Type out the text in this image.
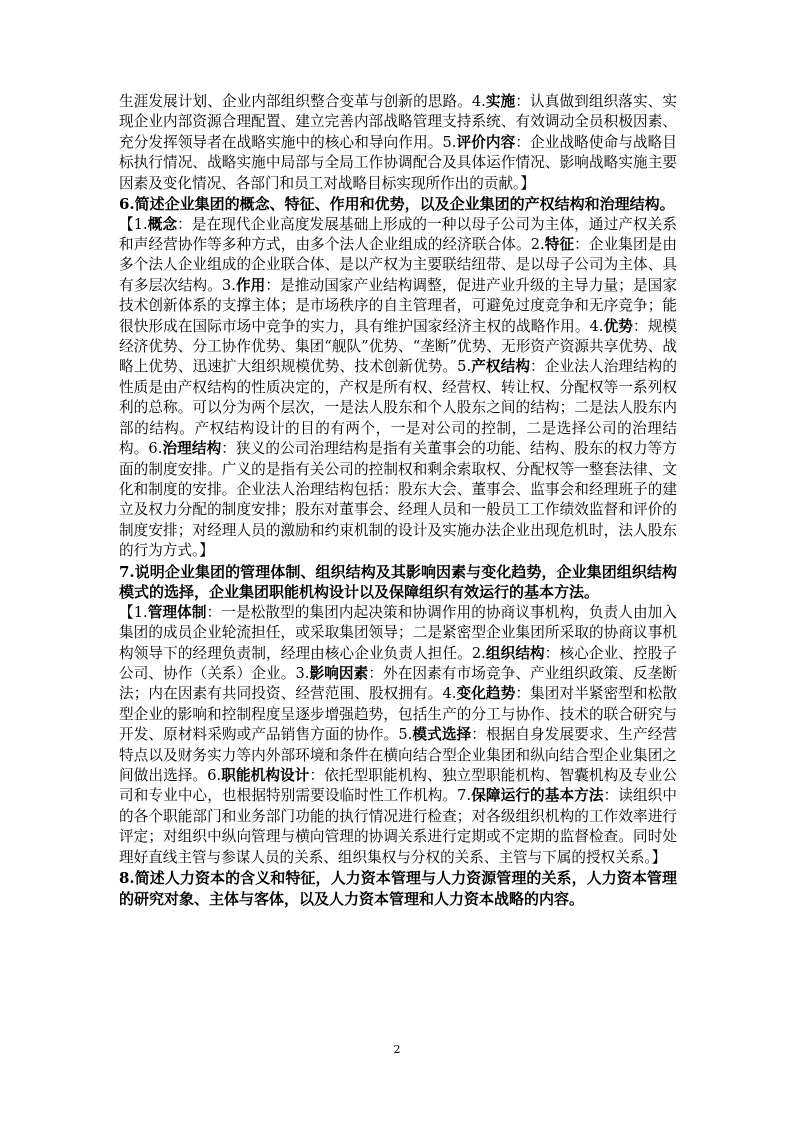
生涯发展计划、企业内部组织整合变革与创新的思路。4.实施：认真做到组织落实、实现企业内部资源合理配置、建立完善内部战略管理支持系统、有效调动全员积极因素、充分发挥领导者在战略实施中的核心和导向作用。5.评价内容：企业战略使命与战略目标执行情况、战略实施中局部与全局工作协调配合及具体运作情况、影响战略实施主要因素及变化情况、各部门和员工对战略目标实现所作出的贡献。】

6.简述企业集团的概念、特征、作用和优势，以及企业集团的产权结构和治理结构。

【1.概念：是在现代企业高度发展基础上形成的一种以母子公司为主体，通过产权关系和声经营协作等多种方式，由多个法人企业组成的经济联合体。2.特征：企业集团是由多个法人企业组成的企业联合体、是以产权为主要联结纽带、是以母子公司为主体、具有多层次结构。3.作用：是推动国家产业结构调整，促进产业升级的主导力量；是国家技术创新体系的支撑主体；是市场秩序的自主管理者，可避免过度竞争和无序竞争；能很快形成在国际市场中竞争的实力，具有维护国家经济主权的战略作用。4.优势：规模经济优势、分工协作优势、集团“舰队”优势、“垄断”优势、无形资产资源共享优势、战略上优势、迅速扩大组织规模优势、技术创新优势。5.产权结构：企业法人治理结构的性质是由产权结构的性质决定的，产权是所有权、经营权、转让权、分配权等一系列权利的总称。可以分为两个层次，一是法人股东和个人股东之间的结构；二是法人股东内部的结构。产权结构设计的目的有两个，一是对公司的控制，二是选择公司的治理结构。6.治理结构：狭义的公司治理结构是指有关董事会的功能、结构、股东的权力等方面的制度安排。广义的是指有关公司的控制权和剩余索取权、分配权等一整套法律、文化和制度的安排。企业法人治理结构包括：股东大会、董事会、监事会和经理班子的建立及权力分配的制度安排；股东对董事会、经理人员和一般员工工作绩效监督和评价的制度安排；对经理人员的激励和约束机制的设计及实施办法企业出现危机时，法人股东的行为方式。】

7.说明企业集团的管理体制、组织结构及其影响因素与变化趋势，企业集团组织结构模式的选择，企业集团职能机构设计以及保障组织有效运行的基本方法。

【1.管理体制：一是松散型的集团内起决策和协调作用的协商议事机构，负责人由加入集团的成员企业轮流担任，或采取集团领导；二是紧密型企业集团所采取的协商议事机构领导下的经理负责制，经理由核心企业负责人担任。2.组织结构：核心企业、控股子公司、协作（关系）企业。3.影响因素：外在因素有市场竞争、产业组织政策、反垄断法；内在因素有共同投资、经营范围、股权拥有。4.变化趋势：集团对半紧密型和松散型企业的影响和控制程度呈逐步增强趋势，包括生产的分工与协作、技术的联合研究与开发、原材料采购或产品销售方面的协作。5.模式选择：根据自身发展要求、生产经营特点以及财务实力等内外部环境和条件在横向结合型企业集团和纵向结合型企业集团之间做出选择。6.职能机构设计：依托型职能机构、独立型职能机构、智囊机构及专业公司和专业中心，也根据特别需要设临时性工作机构。7.保障运行的基本方法：读组织中的各个职能部门和业务部门功能的执行情况进行检查；对各级组织机构的工作效率进行评定；对组织中纵向管理与横向管理的协调关系进行定期或不定期的监督检查。同时处理好直线主管与参谋人员的关系、组织集权与分权的关系、主管与下属的授权关系。】

8.简述人力资本的含义和特征，人力资本管理与人力资源管理的关系，人力资本管理的研究对象、主体与客体，以及人力资本管理和人力资本战略的内容。

2
